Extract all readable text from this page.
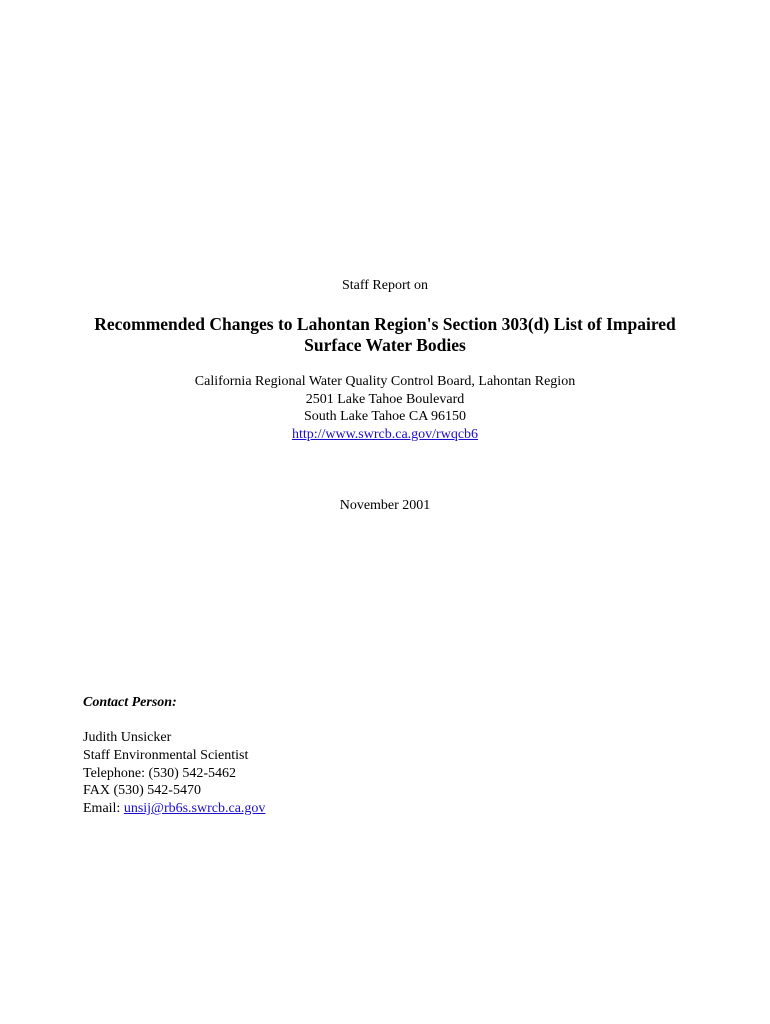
Staff Report on
Recommended Changes to Lahontan Region's Section 303(d) List of Impaired
Surface Water Bodies
California Regional Water Quality Control Board, Lahontan Region
2501 Lake Tahoe Boulevard
South Lake Tahoe CA 96150
http://www.swrcb.ca.gov/rwqcb6
November 2001
Contact Person:
Judith Unsicker
Staff Environmental Scientist
Telephone: (530) 542-5462
FAX (530) 542-5470
Email: unsij@rb6s.swrcb.ca.gov
